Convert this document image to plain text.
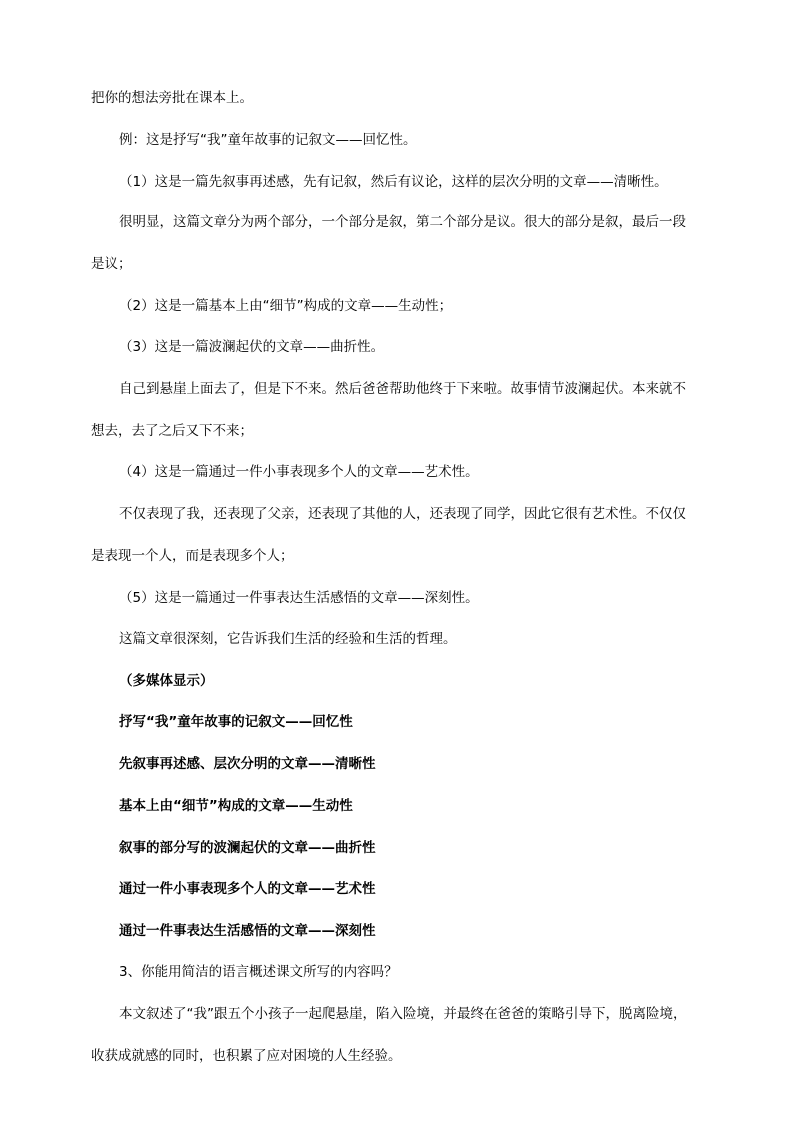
把你的想法旁批在课本上。
例：这是抒写“我”童年故事的记叙文——回忆性。
（1）这是一篇先叙事再述感，先有记叙，然后有议论，这样的层次分明的文章——清晰性。
很明显，这篇文章分为两个部分，一个部分是叙，第二个部分是议。很大的部分是叙，最后一段
是议；
（2）这是一篇基本上由“细节”构成的文章——生动性；
（3）这是一篇波澜起伏的文章——曲折性。
自己到悬崖上面去了，但是下不来。然后爸爸帮助他终于下来啦。故事情节波澜起伏。本来就不
想去，去了之后又下不来；
（4）这是一篇通过一件小事表现多个人的文章——艺术性。
不仅表现了我，还表现了父亲，还表现了其他的人，还表现了同学，因此它很有艺术性。不仅仅
是表现一个人，而是表现多个人；
（5）这是一篇通过一件事表达生活感悟的文章——深刻性。
这篇文章很深刻，它告诉我们生活的经验和生活的哲理。
（多媒体显示）
抒写“我”童年故事的记叙文——回忆性
先叙事再述感、层次分明的文章——清晰性
基本上由“细节”构成的文章——生动性
叙事的部分写的波澜起伏的文章——曲折性
通过一件小事表现多个人的文章——艺术性
通过一件事表达生活感悟的文章——深刻性
3、你能用简洁的语言概述课文所写的内容吗？
本文叙述了“我”跟五个小孩子一起爬悬崖，陷入险境，并最终在爸爸的策略引导下，脱离险境，
收获成就感的同时，也积累了应对困境的人生经验。
